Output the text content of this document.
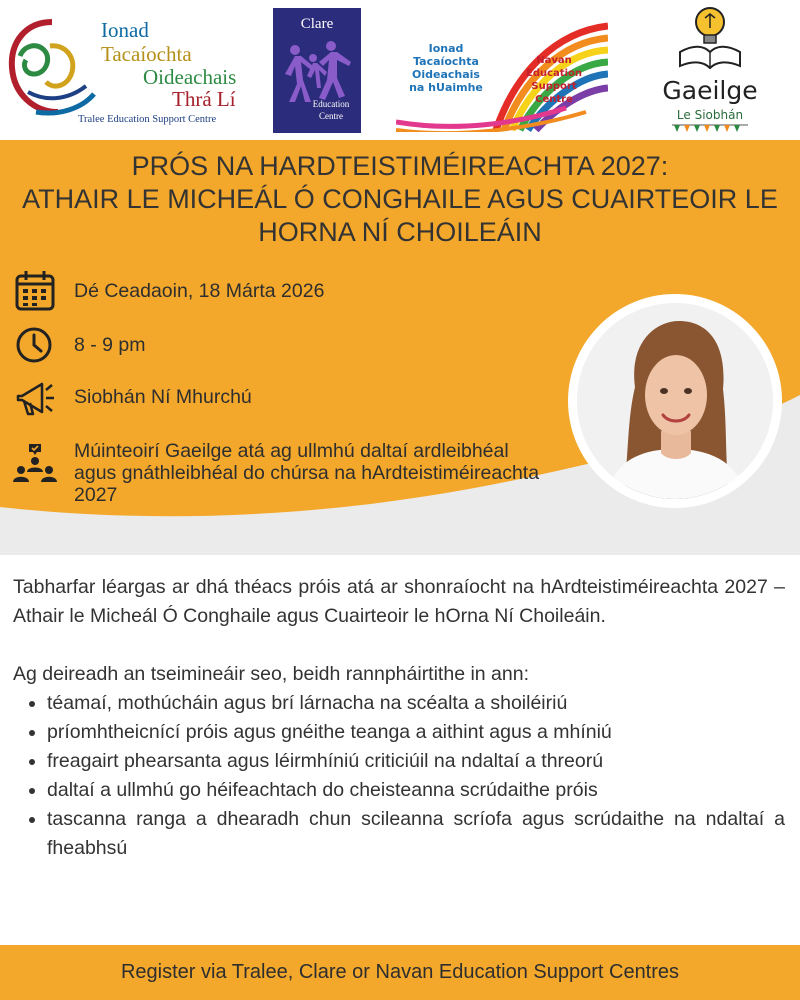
Ionad
Tacaíochta
Oideachais
Thrá Lí
Tralee Education Support Centre
Clare
Education Centre
Ionad Tacaíochta Oideachais na hUaimhe
Navan Education Support Centre	Gaeilge
Le Siobhán
PRÓS NA HARDTEISTIMÉIREACHTA 2027:
ATHAIR LE MICHEÁL Ó CONGHAILE AGUS CUAIRTEOIR LE
HORNA NÍ CHOILEÁIN
Dé Ceadaoin, 18 Márta 2026
8 - 9 pm
Siobhán Ní Mhurchú
Múinteoirí Gaeilge atá ag ullmhú daltaí ardleibhéal agus gnáthleibhéal do chúrsa na hArdteistiméireachta 2027

Tabharfar léargas ar dhá théacs próis atá ar shonraíocht na hArdteistiméireachta 2027 – Athair le Micheál Ó Conghaile agus Cuairteoir le hOrna Ní Choileáin.

Ag deireadh an tseimineáir seo, beidh rannpháirtithe in ann:

• téamaí, mothúcháin agus brí lárnacha na scéalta a shoiléiriú
• príomhtheicnící próis agus gnéithe teanga a aithint agus a mhíniú
• freagairt phearsanta agus léirmhíniú criticiúil na ndaltaí a threorú
• daltaí a ullmhú go héifeachtach do cheisteanna scrúdaithe próis
• tascanna ranga a dhearadh chun scileanna scríofa agus scrúdaithe na ndaltaí a fheabhsú
Register via Tralee, Clare or Navan Education Support Centres
